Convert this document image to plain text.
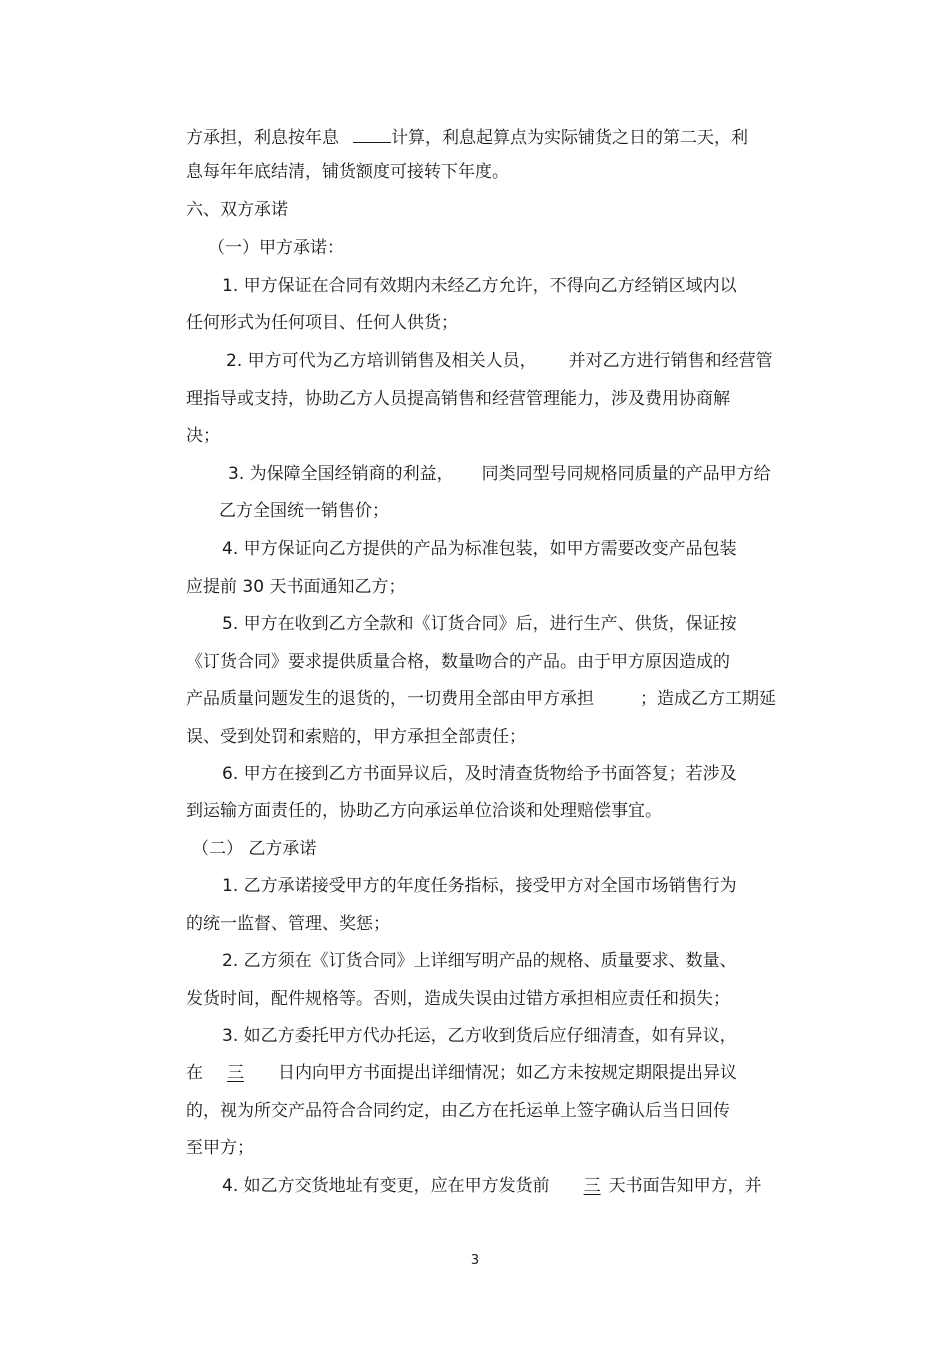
方承担，利息按年息	计算，利息起算点为实际铺货之日的第二天，利
息每年年底结清，铺货额度可接转下年度。
六、双方承诺
（一）甲方承诺：
1. 甲方保证在合同有效期内未经乙方允许，不得向乙方经销区域内以
任何形式为任何项目、任何人供货；
2. 甲方可代为乙方培训销售及相关人员， 并对乙方进行销售和经营管
理指导或支持，协助乙方人员提高销售和经营管理能力，涉及费用协商解
决；
3. 为保障全国经销商的利益， 同类同型号同规格同质量的产品甲方给
乙方全国统一销售价；
4. 甲方保证向乙方提供的产品为标准包装，如甲方需要改变产品包装
应提前 30 天书面通知乙方；
5. 甲方在收到乙方全款和《订货合同》后，进行生产、供货，保证按
《订货合同》要求提供质量合格，数量吻合的产品。由于甲方原因造成的
产品质量问题发生的退货的，一切费用全部由甲方承担	；造成乙方工期延
误、受到处罚和索赔的，甲方承担全部责任；
6. 甲方在接到乙方书面异议后，及时清查货物给予书面答复；若涉及
到运输方面责任的，协助乙方向承运单位洽谈和处理赔偿事宜。
（二） 乙方承诺
1. 乙方承诺接受甲方的年度任务指标，接受甲方对全国市场销售行为
的统一监督、管理、奖惩；
2. 乙方须在《订货合同》上详细写明产品的规格、质量要求、数量、
发货时间，配件规格等。否则，造成失误由过错方承担相应责任和损失；
3. 如乙方委托甲方代办托运，乙方收到货后应仔细清查，如有异议，
在 三 日内向甲方书面提出详细情况；如乙方未按规定期限提出异议
的，视为所交产品符合合同约定，由乙方在托运单上签字确认后当日回传
至甲方；
4. 如乙方交货地址有变更，应在甲方发货前 三 天书面告知甲方，并
3
